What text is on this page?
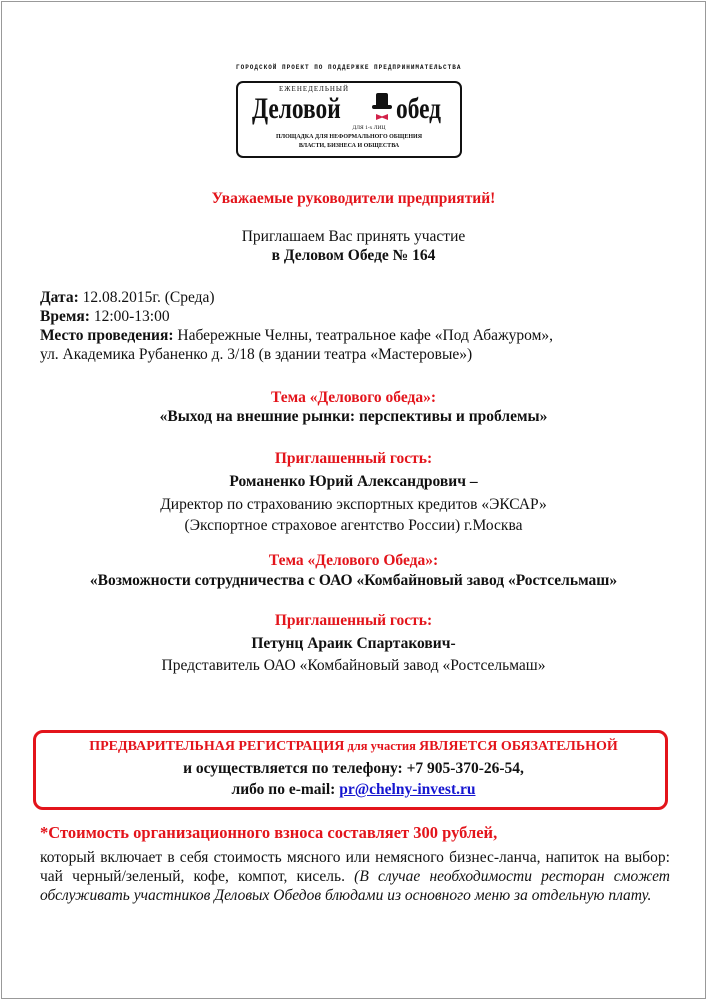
ГОРОДСКОЙ ПРОЕКТ ПО ПОДДЕРЖКЕ ПРЕДПРИНИМАТЕЛЬСТВА
ЕЖЕНЕДЕЛЬНЫЙ
Деловой обед
ДЛЯ 1-х ЛИЦ
ПЛОЩАДКА ДЛЯ НЕФОРМАЛЬНОГО ОБЩЕНИЯ
ВЛАСТИ, БИЗНЕСА И ОБЩЕСТВА
Уважаемые руководители предприятий!
Приглашаем Вас принять участие
в Деловом Обеде № 164
Дата: 12.08.2015г. (Среда)
Время: 12:00-13:00
Место проведения: Набережные Челны, театральное кафе «Под Абажуром»,
ул. Академика Рубаненко д. 3/18 (в здании театра «Мастеровые»)
Тема «Делового обеда»:
«Выход на внешние рынки: перспективы и проблемы»
Приглашенный гость:
Романенко Юрий Александрович –
Директор по страхованию экспортных кредитов «ЭКСАР»
(Экспортное страховое агентство России) г.Москва
Тема «Делового Обеда»:
«Возможности сотрудничества с ОАО «Комбайновый завод «Ростсельмаш»
Приглашенный гость:
Петунц Араик Спартакович-
Представитель ОАО «Комбайновый завод «Ростсельмаш»
ПРЕДВАРИТЕЛЬНАЯ РЕГИСТРАЦИЯ для участия ЯВЛЯЕТСЯ ОБЯЗАТЕЛЬНОЙ
и осуществляется по телефону: +7 905-370-26-54,
либо по e-mail: pr@chelny-invest.ru
*Стоимость организационного взноса составляет 300 рублей,
который включает в себя стоимость мясного или немясного бизнес-ланча, напиток на выбор: чай черный/зеленый, кофе, компот, кисель. (В случае необходимости ресторан сможет обслуживать участников Деловых Обедов блюдами из основного меню за отдельную плату.
